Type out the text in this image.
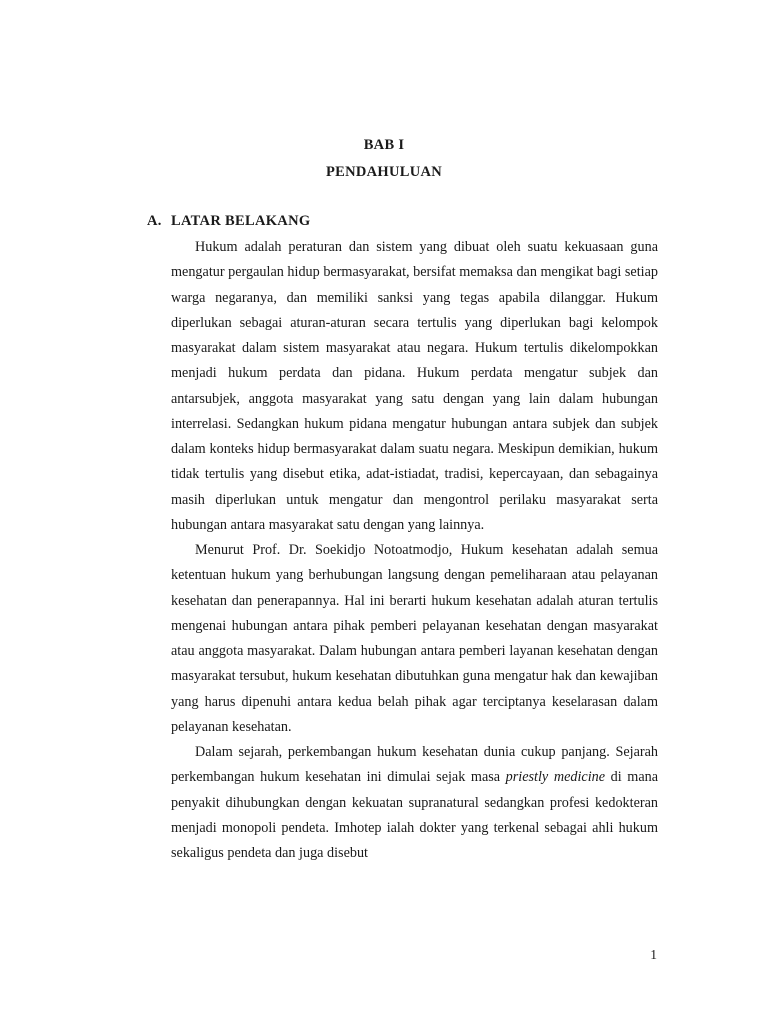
BAB I
PENDAHULUAN
A. LATAR BELAKANG

Hukum adalah peraturan dan sistem yang dibuat oleh suatu kekuasaan guna mengatur pergaulan hidup bermasyarakat, bersifat memaksa dan mengikat bagi setiap warga negaranya, dan memiliki sanksi yang tegas apabila dilanggar. Hukum diperlukan sebagai aturan-aturan secara tertulis yang diperlukan bagi kelompok masyarakat dalam sistem masyarakat atau negara. Hukum tertulis dikelompokkan menjadi hukum perdata dan pidana. Hukum perdata mengatur subjek dan antarsubjek, anggota masyarakat yang satu dengan yang lain dalam hubungan interrelasi. Sedangkan hukum pidana mengatur hubungan antara subjek dan subjek dalam konteks hidup bermasyarakat dalam suatu negara. Meskipun demikian, hukum tidak tertulis yang disebut etika, adat-istiadat, tradisi, kepercayaan, dan sebagainya masih diperlukan untuk mengatur dan mengontrol perilaku masyarakat serta hubungan antara masyarakat satu dengan yang lainnya.

Menurut Prof. Dr. Soekidjo Notoatmodjo, Hukum kesehatan adalah semua ketentuan hukum yang berhubungan langsung dengan pemeliharaan atau pelayanan kesehatan dan penerapannya. Hal ini berarti hukum kesehatan adalah aturan tertulis mengenai hubungan antara pihak pemberi pelayanan kesehatan dengan masyarakat atau anggota masyarakat. Dalam hubungan antara pemberi layanan kesehatan dengan masyarakat tersubut, hukum kesehatan dibutuhkan guna mengatur hak dan kewajiban yang harus dipenuhi antara kedua belah pihak agar terciptanya keselarasan dalam pelayanan kesehatan.

Dalam sejarah, perkembangan hukum kesehatan dunia cukup panjang. Sejarah perkembangan hukum kesehatan ini dimulai sejak masa priestly medicine di mana penyakit dihubungkan dengan kekuatan supranatural sedangkan profesi kedokteran menjadi monopoli pendeta. Imhotep ialah dokter yang terkenal sebagai ahli hukum sekaligus pendeta dan juga disebut

1
